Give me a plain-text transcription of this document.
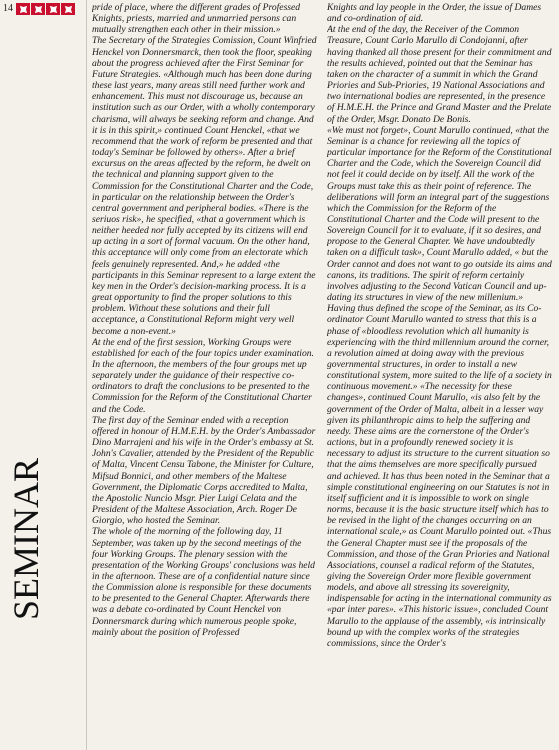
14
SEMINAR

pride of place, where the different grades of Professed Knights, priests, married and unmarried persons can mutually strengthen each other in their mission.»

The Secretary of the Strategies Comission, Count Winfried Henckel von Donnersmarck, then took the floor, speaking about the progress achieved after the First Seminar for Future Strategies. «Although much has been done during these last years, many areas still need further work and enhancement. This must not discourage us, because an institution such as our Order, with a wholly contemporary charisma, will always be seeking reform and change. And it is in this spirit,» continued Count Henckel, «that we recommend that the work of reform be presented and that today's Seminar be followed by others». After a brief excursus on the areas affected by the reform, he dwelt on the technical and planning support given to the Commission for the Constitutional Charter and the Code, in particular on the relationship between the Order's central government and peripheral bodies. «There is the seriuos risk», he specified, «that a government which is neither heeded nor fully accepted by its citizens will end up acting in a sort of formal vacuum. On the other hand, this acceptance will only come from an electorate which feels genuinely represented. And,» he added «the participants in this Seminar represent to a large extent the key men in the Order's decision-marking process. It is a great opportunity to find the proper solutions to this problem. Without these solutions and their full acceptance, a Constitutional Reform might very well become a non-event.»

At the end of the first session, Working Groups were established for each of the four topics under examination. In the afternoon, the members of the four groups met up separately under the guidance of their respective co-ordinators to draft the conclusions to be presented to the Commission for the Reform of the Constitutional Charter and the Code.

The first day of the Seminar ended with a reception offered in honour of H.M.E.H. by the Order's Ambassador Dino Marrajeni and his wife in the Order's embassy at St. John's Cavalier, attended by the President of the Republic of Malta, Vincent Censu Tabone, the Minister for Culture, Mifsud Bonnici, and other members of the Maltese Government, the Diplomatic Corps accredited to Malta, the Apostolic Nuncio Msgr. Pier Luigi Celata and the President of the Maltese Association, Arch. Roger De Giorgio, who hosted the Seminar.

The whole of the morning of the following day, 11 September, was taken up by the second meetings of the four Working Groups. The plenary session with the presentation of the Working Groups' conclusions was held in the afternoon. These are of a confidential nature since the Commission alone is responsible for these documents to be presented to the General Chapter. Afterwards there was a debate co-ordinated by Count Henckel von Donnersmarck during which numerous people spoke, mainly about the position of Professed

Knights and lay people in the Order, the issue of Dames and co-ordination of aid.

At the end of the day, the Receiver of the Common Treasure, Count Carlo Marullo di Condojanni, after having thanked all those present for their commitment and the results achieved, pointed out that the Seminar has taken on the character of a summit in which the Grand Priories and Sub-Priories, 19 National Associations and two international bodies are represented, in the presence of H.M.E.H. the Prince and Grand Master and the Prelate of the Order, Msgr. Donato De Bonis.

«We must not forget», Count Marullo continued, «that the Seminar is a chance for reviewing all the topics of particular importance for the Reform of the Constitutional Charter and the Code, which the Sovereign Council did not feel it could decide on by itself. All the work of the Groups must take this as their point of reference. The deliberations will form an integral part of the suggestions which the Commission for the Reform of the Constitutional Charter and the Code will present to the Sovereign Council for it to evaluate, if it so desires, and propose to the General Chapter. We have undoubtedly taken on a difficult task», Count Marullo added, « but the Order cannot and does not want to go outside its aims and canons, its traditions. The spirit of reform certainly involves adjusting to the Second Vatican Council and up-dating its structures in view of the new millenium.» Having thus defined the scope of the Seminar, as its Co-ordinator Count Marullo wanted to stress that this is a phase of «bloodless revolution which all humanity is experiencing with the third millennium around the corner, a revolution aimed at doing away with the previous governmental structures, in order to install a new constitutional system, more suited to the life of a society in continuous movement.» «The necessity for these changes», continued Count Marullo, «is also felt by the government of the Order of Malta, albeit in a lesser way given its philanthropic aims to help the suffering and needy. These aims are the cornerstone of the Order's actions, but in a profoundly renewed society it is necessary to adjust its structure to the current situation so that the aims themselves are more specifically pursued and achieved. It has thus been noted in the Seminar that a simple constitutional engineering on our Statutes is not in itself sufficient and it is impossible to work on single norms, because it is the basic structure itself which has to be revised in the light of the changes occurring on an international scale,» as Count Marullo pointed out. «Thus the General Chapter must see if the proposals of the Commission, and those of the Gran Priories and National Associations, counsel a radical reform of the Statutes, giving the Sovereign Order more flexible government models, and above all stressing its sovereignity, indispensable for acting in the international community as «par inter pares». «This historic issue», concluded Count Marullo to the applause of the assembly, «is intrinsically bound up with the complex works of the strategies commissions, since the Order's
